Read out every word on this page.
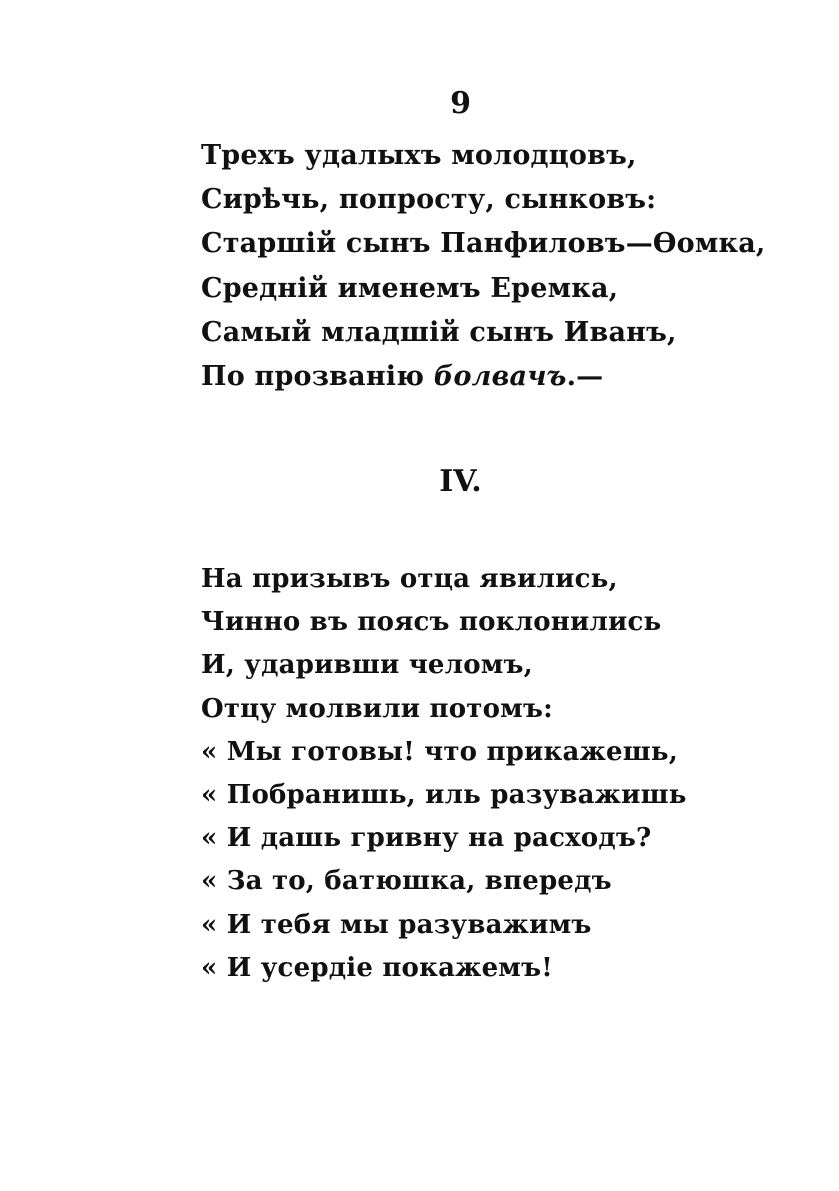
9
Трехъ удалыхъ молодцовъ,
Сирѣчь, попросту, сынковъ:
Старшій сынъ Панфиловъ—Ѳомка,
Средній именемъ Еремка,
Самый младшій сынъ Иванъ,
По прозванію болвачъ.—
IV.
На призывъ отца явились,
Чинно въ поясъ поклонились
И, ударивши челомъ,
Отцу молвили потомъ:
« Мы готовы! что прикажешь,
« Побранишь, иль разуважишь
« И дашь гривну на расходъ?
« За то, батюшка, впередъ
« И тебя мы разуважимъ
« И усердіе покажемъ!
